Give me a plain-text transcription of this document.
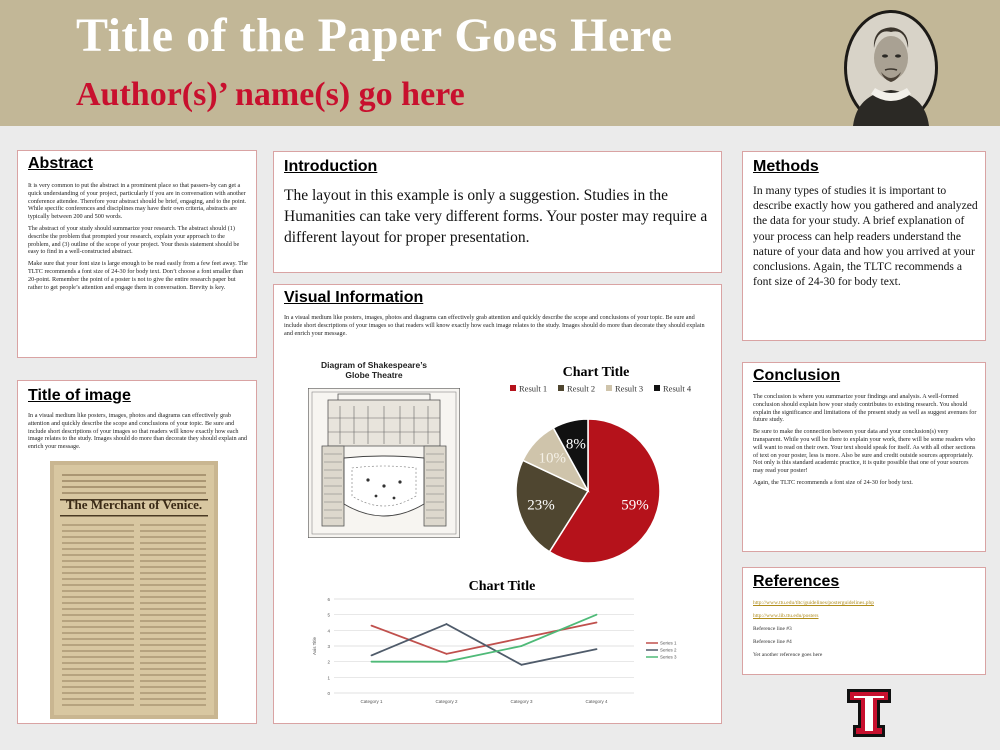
Title of the Paper Goes Here
Author(s)’ name(s) go here
Abstract

It is very common to put the abstract in a prominent place so that passers-by can get a quick understanding of your project, particularly if you are in conversation with another conference attendee. Therefore your abstract should be brief, engaging, and to the point. While specific conferences and disciplines may have their own criteria, abstracts are typically between 200 and 500 words.

The abstract of your study should summarize your research. The abstract should (1) describe the problem that prompted your research, explain your approach to the problem, and (3) outline of the scope of your project. Your thesis statement should be easy to find in a well-constructed abstract.

Make sure that your font size is large enough to be read easily from a few feet away. The TLTC recommends a font size of 24-30 for body text. Don’t choose a font smaller than 20-point. Remember the point of a poster is not to give the entire research paper but rather to get people’s attention and engage them in conversation. Brevity is key.

Title of image

In a visual medium like posters, images, photos and diagrams can effectively grab attention and quickly describe the scope and conclusions of your topic. Be sure and include short descriptions of your images so that readers will know exactly how each image relates to the study. Images should do more than decorate they should explain and enrich your message.

The Merchant of Venice.
Introduction

The layout in this example is only a suggestion. Studies in the Humanities can take very different forms. Your poster may require a different layout for proper presentation.

Visual Information

In a visual medium like posters, images, photos and diagrams can effectively grab attention and quickly describe the scope and conclusions of your topic. Be sure and include short descriptions of your images so that readers will know exactly how each image relates to the study. Images should do more than decorate they should explain and enrich your message.

Diagram of Shakespeare’s Globe Theatre	Chart Title
Result 1 Result 2 Result 3 Result 4
59%
23%
10%
8%
Chart Title
0
1
2
3
4
5
6
Axis Title
Category 1	Category 2	Category 3	Category 4
Series 1
Series 2
Series 3
Methods

In many types of studies it is important to describe exactly how you gathered and analyzed the data for your study. A brief explanation of your process can help readers understand the nature of your data and how you arrived at your conclusions. Again, the TLTC recommends a font size of 24-30 for body text.

Conclusion

The conclusion is where you summarize your findings and analysis. A well-formed conclusion should explain how your study contributes to existing research. You should explain the significance and limitations of the present study as well as suggest avenues for future study.

Be sure to make the connection between your data and your conclusion(s) very transparent. While you will be there to explain your work, there will be some readers who will want to read on their own. Your text should speak for itself. As with all other sections of text on your poster, less is more. Also be sure and credit outside sources appropriately. Not only is this standard academic practice, it is quite possible that one of your sources may read your poster!

Again, the TLTC recommends a font size of 24-30 for body text.

References

http://www.ttu.edu/tltc/guidelines/posterguidelines.php

http://www.lib.ttu.edu/posters

Reference line #3

Reference line #4

Yet another reference goes here
